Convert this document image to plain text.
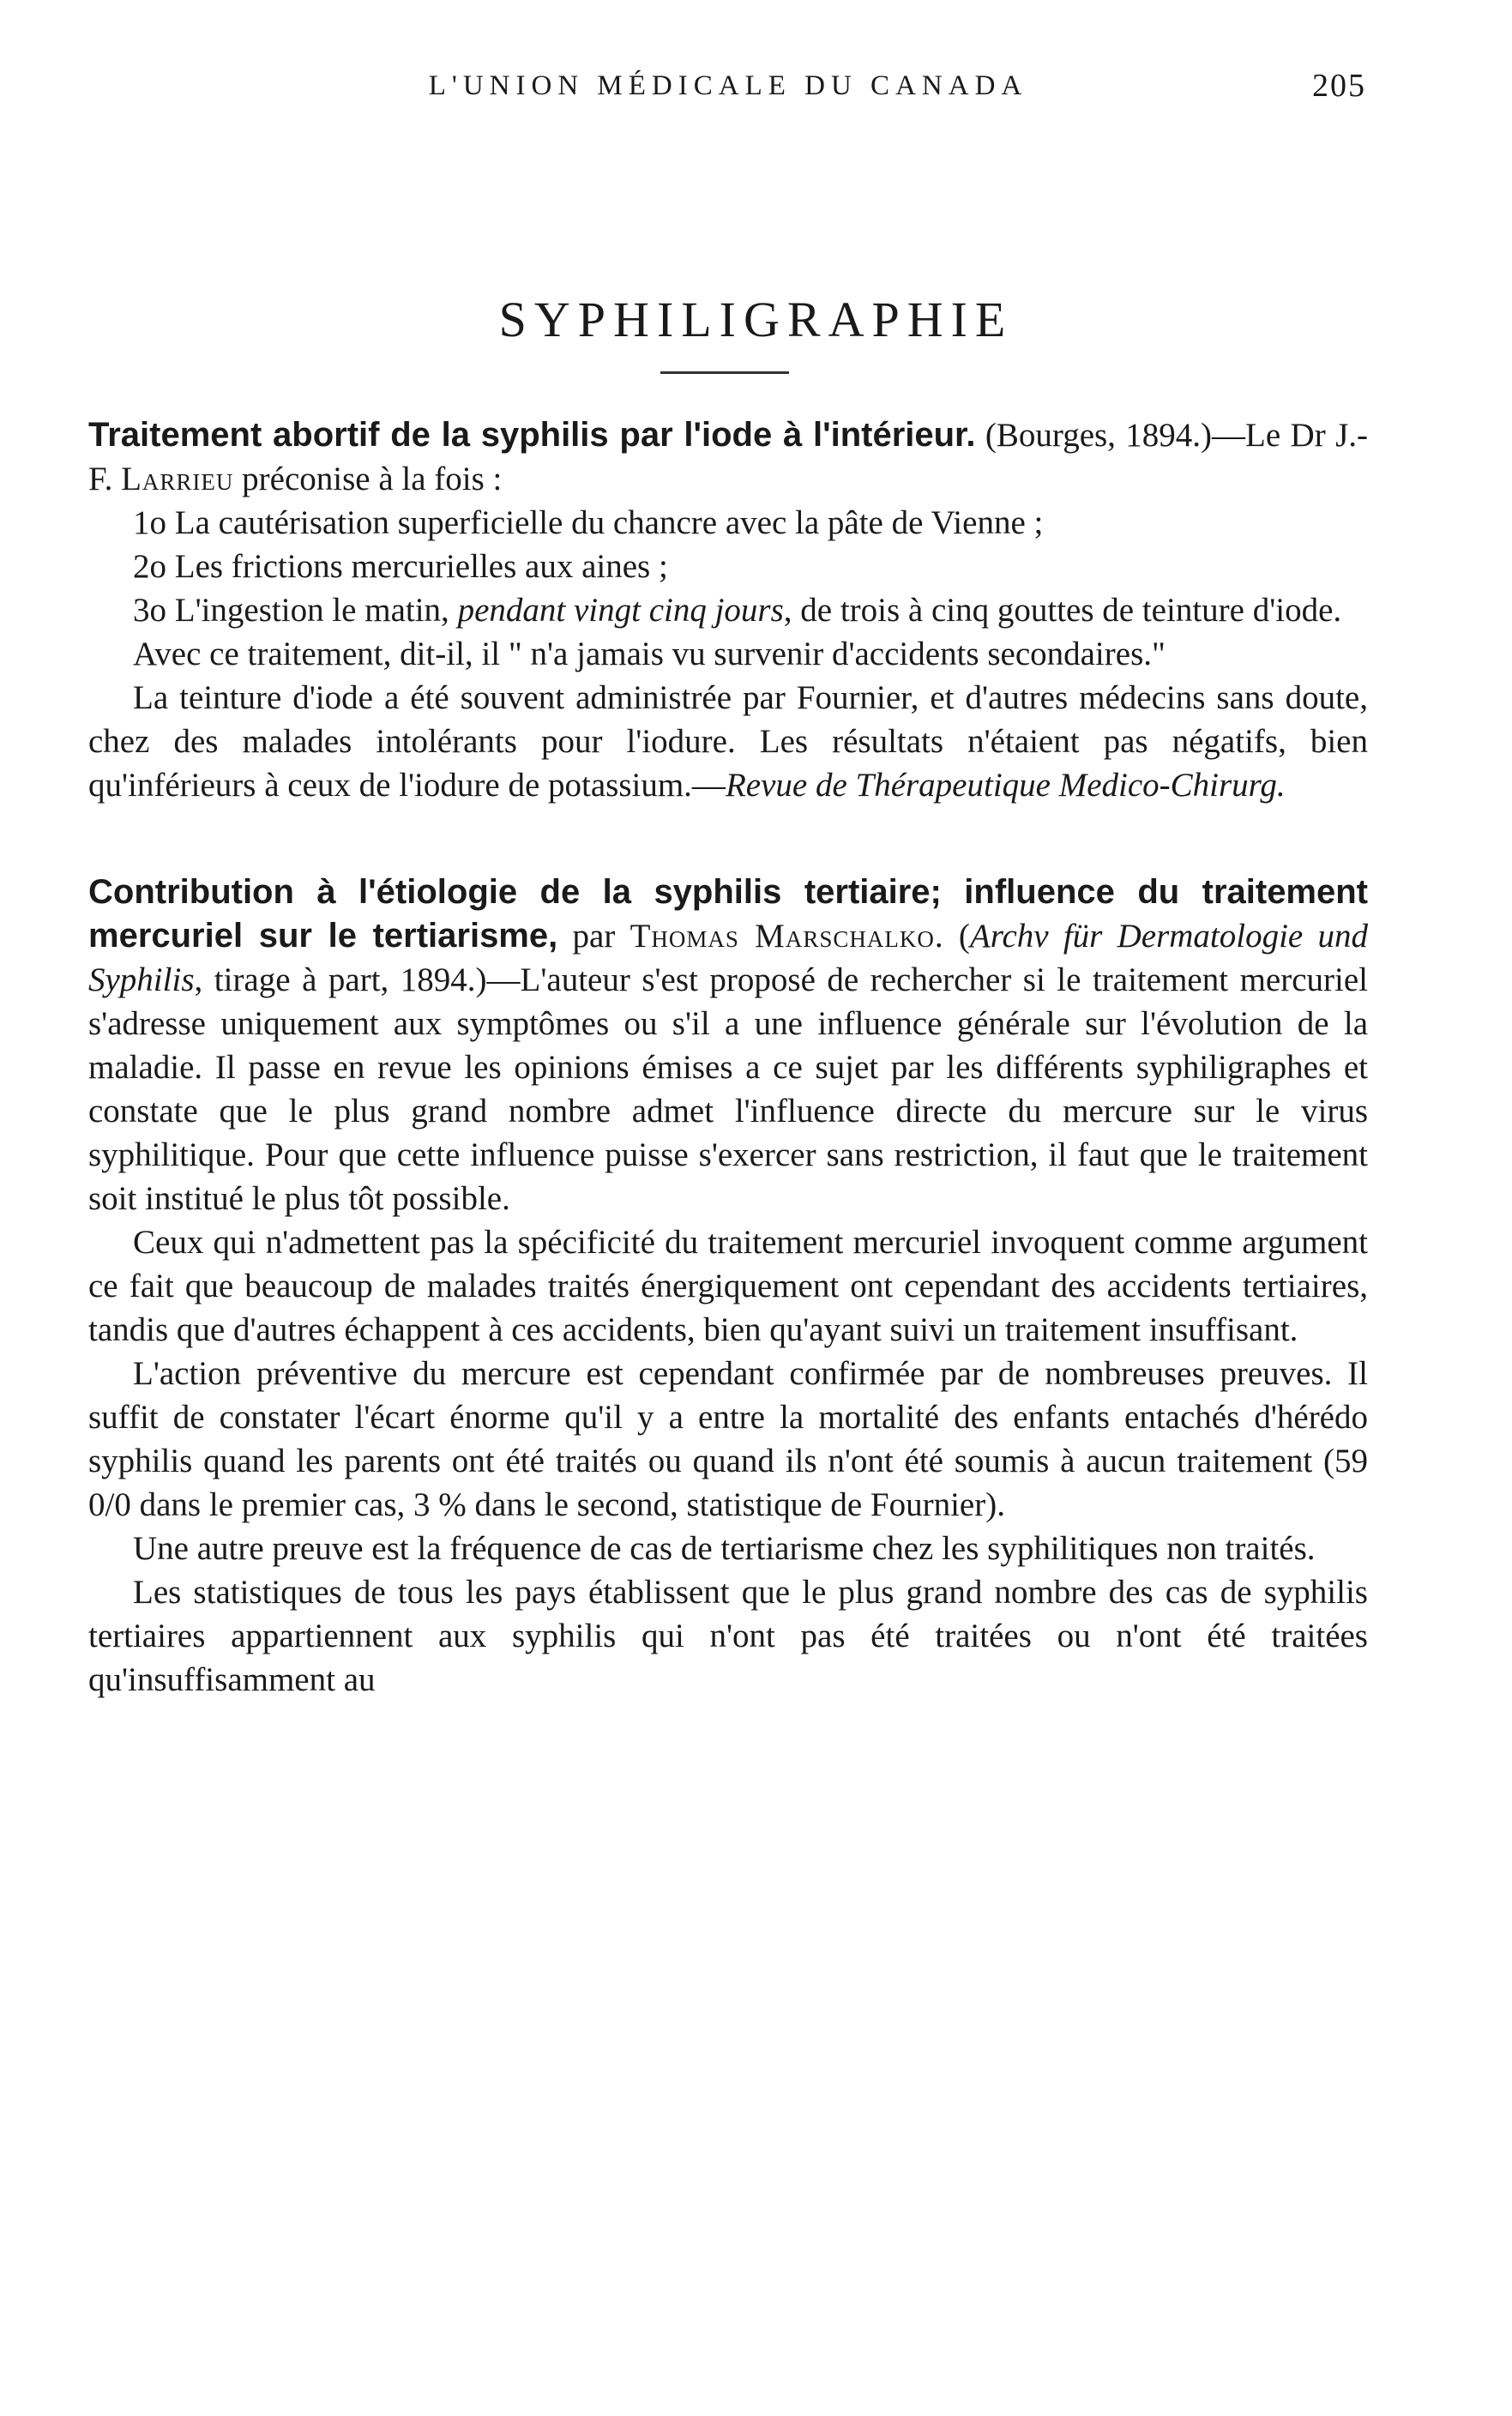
L'UNION MÉDICALE DU CANADA	205
SYPHILIGRAPHIE

Traitement abortif de la syphilis par l'iode à l'intérieur. (Bourges, 1894.)—Le Dr J.-F. Larrieu préconise à la fois :

1o La cautérisation superficielle du chancre avec la pâte de Vienne ;

2o Les frictions mercurielles aux aines ;

3o L'ingestion le matin, pendant vingt cinq jours, de trois à cinq gouttes de teinture d'iode.

Avec ce traitement, dit-il, il " n'a jamais vu survenir d'accidents secondaires."

La teinture d'iode a été souvent administrée par Fournier, et d'autres médecins sans doute, chez des malades intolérants pour l'iodure. Les résultats n'étaient pas négatifs, bien qu'inférieurs à ceux de l'iodure de potassium.—Revue de Thérapeutique Medico-Chirurg.

Contribution à l'étiologie de la syphilis tertiaire; influence du traitement mercuriel sur le tertiarisme, par Thomas Marschalko. (Archv für Dermatologie und Syphilis, tirage à part, 1894.)—L'auteur s'est proposé de rechercher si le traitement mercuriel s'adresse uniquement aux symptômes ou s'il a une influence générale sur l'évolution de la maladie. Il passe en revue les opinions émises a ce sujet par les différents syphiligraphes et constate que le plus grand nombre admet l'influence directe du mercure sur le virus syphilitique. Pour que cette influence puisse s'exercer sans restriction, il faut que le traitement soit institué le plus tôt possible.

Ceux qui n'admettent pas la spécificité du traitement mercuriel invoquent comme argument ce fait que beaucoup de malades traités énergiquement ont cependant des accidents tertiaires, tandis que d'autres échappent à ces accidents, bien qu'ayant suivi un traitement insuffisant.

L'action préventive du mercure est cependant confirmée par de nombreuses preuves. Il suffit de constater l'écart énorme qu'il y a entre la mortalité des enfants entachés d'hérédo syphilis quand les parents ont été traités ou quand ils n'ont été soumis à aucun traitement (59 0/0 dans le premier cas, 3 % dans le second, statistique de Fournier).

Une autre preuve est la fréquence de cas de tertiarisme chez les syphilitiques non traités.

Les statistiques de tous les pays établissent que le plus grand nombre des cas de syphilis tertiaires appartiennent aux syphilis qui n'ont pas été traitées ou n'ont été traitées qu'insuffisamment au
